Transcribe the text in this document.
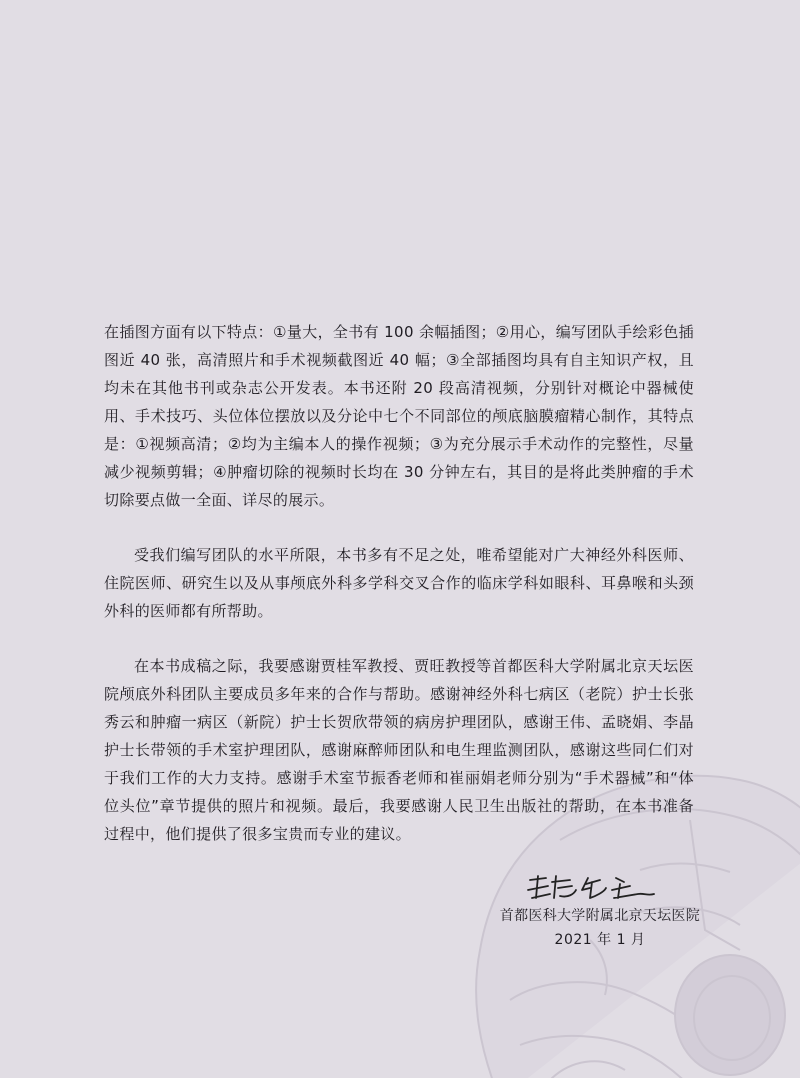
在插图方面有以下特点：①量大，全书有 100 余幅插图；②用心，编写团队手绘彩色插图近 40 张，高清照片和手术视频截图近 40 幅；③全部插图均具有自主知识产权，且均未在其他书刊或杂志公开发表。本书还附 20 段高清视频，分别针对概论中器械使用、手术技巧、头位体位摆放以及分论中七个不同部位的颅底脑膜瘤精心制作，其特点是：①视频高清；②均为主编本人的操作视频；③为充分展示手术动作的完整性，尽量减少视频剪辑；④肿瘤切除的视频时长均在 30 分钟左右，其目的是将此类肿瘤的手术切除要点做一全面、详尽的展示。

受我们编写团队的水平所限，本书多有不足之处，唯希望能对广大神经外科医师、住院医师、研究生以及从事颅底外科多学科交叉合作的临床学科如眼科、耳鼻喉和头颈外科的医师都有所帮助。

在本书成稿之际，我要感谢贾桂军教授、贾旺教授等首都医科大学附属北京天坛医院颅底外科团队主要成员多年来的合作与帮助。感谢神经外科七病区（老院）护士长张秀云和肿瘤一病区（新院）护士长贺欣带领的病房护理团队，感谢王伟、孟晓娟、李晶护士长带领的手术室护理团队，感谢麻醉师团队和电生理监测团队，感谢这些同仁们对于我们工作的大力支持。感谢手术室节振香老师和崔丽娟老师分别为“手术器械”和“体位头位”章节提供的照片和视频。最后，我要感谢人民卫生出版社的帮助，在本书准备过程中，他们提供了很多宝贵而专业的建议。

首都医科大学附属北京天坛医院
2021 年 1 月
